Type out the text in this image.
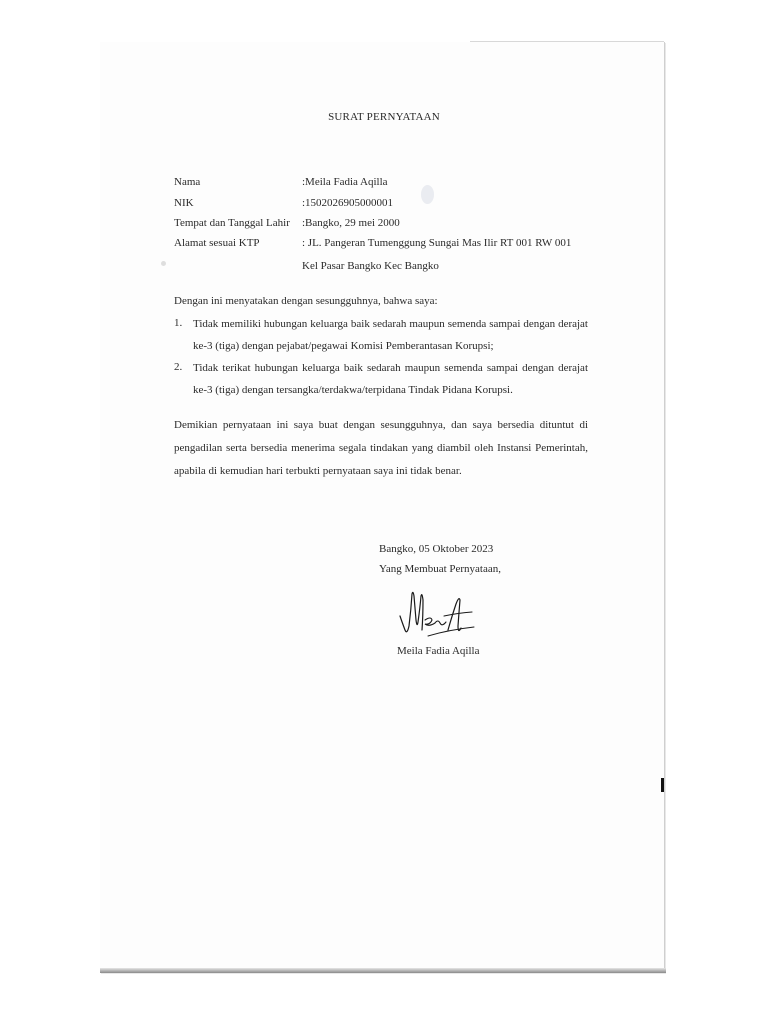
SURAT PERNYATAAN
Nama	:Meila Fadia Aqilla
NIK	:1502026905000001
Tempat dan Tanggal Lahir :Bangko, 29 mei 2000
Alamat sesuai KTP	: JL. Pangeran Tumenggung Sungai Mas Ilir RT 001 RW 001
Kel Pasar Bangko Kec Bangko
Dengan ini menyatakan dengan sesungguhnya, bahwa saya:
1. Tidak memiliki hubungan keluarga baik sedarah maupun semenda sampai dengan derajat ke-3 (tiga) dengan pejabat/pegawai Komisi Pemberantasan Korupsi;
2. Tidak terikat hubungan keluarga baik sedarah maupun semenda sampai dengan derajat ke-3 (tiga) dengan tersangka/terdakwa/terpidana Tindak Pidana Korupsi.
Demikian pernyataan ini saya buat dengan sesungguhnya, dan saya bersedia dituntut di pengadilan serta bersedia menerima segala tindakan yang diambil oleh Instansi Pemerintah, apabila di kemudian hari terbukti pernyataan saya ini tidak benar.
Bangko, 05 Oktober 2023
Yang Membuat Pernyataan,
Meila Fadia Aqilla
